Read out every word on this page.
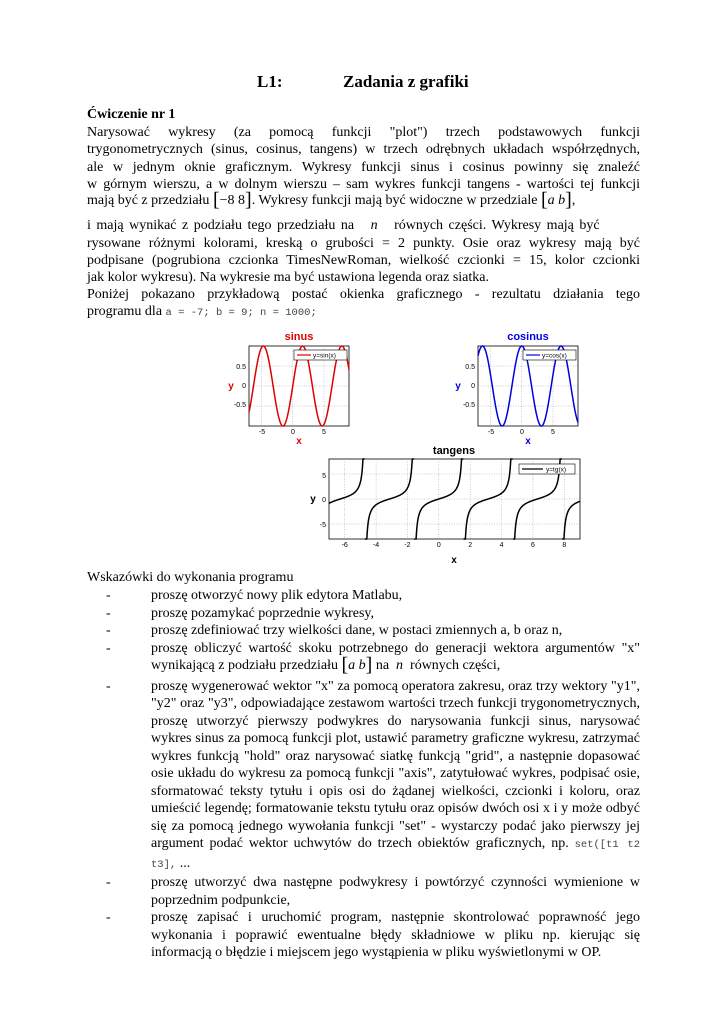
L1:	Zadania z grafiki
Ćwiczenie nr 1
Narysować wykresy (za pomocą funkcji "plot") trzech podstawowych funkcji
trygonometrycznych (sinus, cosinus, tangens) w trzech odrębnych układach współrzędnych,
ale w jednym oknie graficznym. Wykresy funkcji sinus i cosinus powinny się znaleźć
w górnym wierszu, a w dolnym wierszu – sam wykres funkcji tangens - wartości tej funkcji
mają być z przedziału [−8 8]. Wykresy funkcji mają być widoczne w przedziale [a b],
i mają wynikać z podziału tego przedziału na n równych części. Wykresy mają być
rysowane różnymi kolorami, kreską o grubości = 2 punkty. Osie oraz wykresy mają być
podpisane (pogrubiona czcionka TimesNewRoman, wielkość czcionki = 15, kolor czcionki
jak kolor wykresu). Na wykresie ma być ustawiona legenda oraz siatka.
Poniżej pokazano przykładową postać okienka graficznego - rezultatu działania tego
programu dla a = -7; b = 9; n = 1000;
sinus
y=sin(x)
0.5
0
-0.5
-5	0	5
x
y
cosinus
y=cos(x)
0.5
0
-0.5
-5	0	5
x
y
tangens
y=tg(x)
5
0
-5
-6	-4	-2	0	2	4	6	8
x
y
Wskazówki do wykonania programu

-	proszę otworzyć nowy plik edytora Matlabu,

-	proszę pozamykać poprzednie wykresy,

-	proszę zdefiniować trzy wielkości dane, w postaci zmiennych a, b oraz n,

-	proszę obliczyć wartość skoku potrzebnego do generacji wektora argumentów "x"
wynikającą z podziału przedziału [a b] na n równych części,

-	proszę wygenerować wektor "x" za pomocą operatora zakresu, oraz trzy wektory "y1", "y2" oraz "y3", odpowiadające zestawom wartości trzech funkcji trygonometrycznych, proszę utworzyć pierwszy podwykres do narysowania funkcji sinus, narysować wykres sinus za pomocą funkcji plot, ustawić parametry graficzne wykresu, zatrzymać wykres funkcją "hold" oraz narysować siatkę funkcją "grid", a następnie dopasować osie układu do wykresu za pomocą funkcji "axis", zatytułować wykres, podpisać osie, sformatować teksty tytułu i opis osi do żądanej wielkości, czcionki i koloru, oraz umieścić legendę; formatowanie tekstu tytułu oraz opisów dwóch osi x i y może odbyć się za pomocą jednego wywołania funkcji "set" - wystarczy podać jako pierwszy jej argument podać wektor uchwytów do trzech obiektów graficznych, np. set([t1 t2 t3], ...

-	proszę utworzyć dwa następne podwykresy i powtórzyć czynności wymienione w poprzednim podpunkcie,

-	proszę zapisać i uruchomić program, następnie skontrolować poprawność jego wykonania i poprawić ewentualne błędy składniowe w pliku np. kierując się informacją o błędzie i miejscem jego wystąpienia w pliku wyświetlonymi w OP.
